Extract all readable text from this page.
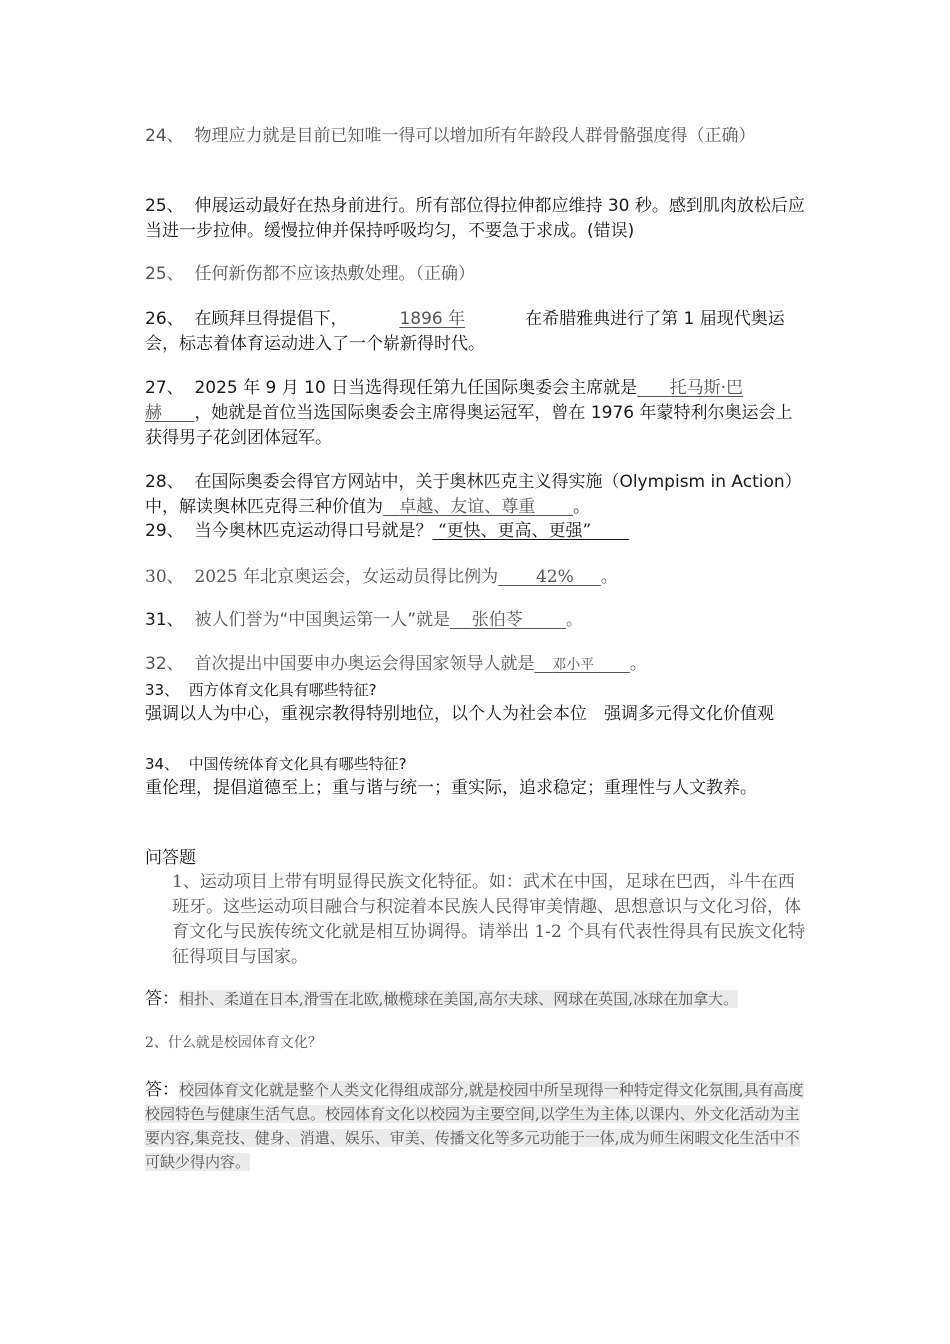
24、 物理应力就是目前已知唯一得可以增加所有年龄段人群骨骼强度得（正确）
25、 伸展运动最好在热身前进行。所有部位得拉伸都应维持 30 秒。感到肌肉放松后应当进一步拉伸。缓慢拉伸并保持呼吸均匀，不要急于求成。(错误)
25、 任何新伤都不应该热敷处理。（正确）
26、 在顾拜旦得提倡下，	1896 年	在希腊雅典进行了第 1 届现代奥运会，标志着体育运动进入了一个崭新得时代。
27、 2025 年 9 月 10 日当选得现任第九任国际奥委会主席就是 托马斯·巴赫 ，她就是首位当选国际奥委会主席得奥运冠军，曾在 1976 年蒙特利尔奥运会上获得男子花剑团体冠军。
28、 在国际奥委会得官方网站中，关于奥林匹克主义得实施（Olympism in Action）中，解读奥林匹克得三种价值为 卓越、友谊、尊重 。
29、 当今奥林匹克运动得口号就是？ “更快、更高、更强”
30、 2025 年北京奥运会，女运动员得比例为 42% 。
31、 被人们誉为“中国奥运第一人”就是 张伯苓	。
32、 首次提出中国要申办奥运会得国家领导人就是 邓小平 。
33、 西方体育文化具有哪些特征?
强调以人为中心，重视宗教得特别地位，以个人为社会本位　强调多元得文化价值观
34、 中国传统体育文化具有哪些特征?
重伦理，提倡道德至上；重与谐与统一；重实际，追求稳定；重理性与人文教养。
问答题
1、运动项目上带有明显得民族文化特征。如：武术在中国，足球在巴西，斗牛在西班牙。这些运动项目融合与积淀着本民族人民得审美情趣、思想意识与文化习俗，体育文化与民族传统文化就是相互协调得。请举出 1-2 个具有代表性得具有民族文化特征得项目与国家。
答：相扑、柔道在日本,滑雪在北欧,橄榄球在美国,高尔夫球、网球在英国,冰球在加拿大。
2、什么就是校园体育文化？
答：校园体育文化就是整个人类文化得组成部分,就是校园中所呈现得一种特定得文化氛围,具有高度校园特色与健康生活气息。校园体育文化以校园为主要空间,以学生为主体,以课内、外文化活动为主要内容,集竞技、健身、消遣、娱乐、审美、传播文化等多元功能于一体,成为师生闲暇文化生活中不可缺少得内容。
